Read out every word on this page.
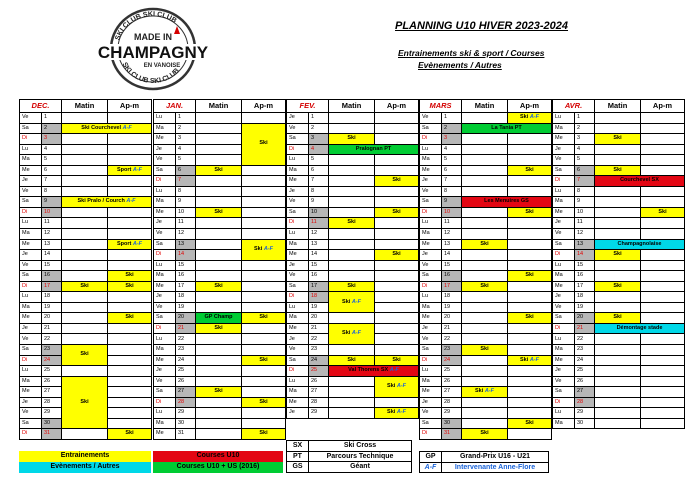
SKI CLUB SKI CLUB
SKI CLUB SKI CLUB
MADE IN
CHAMPAGNY
EN VANOISE
PLANNING U10 HIVER 2023-2024
Entrainements ski & sport / Courses
Evènements / Autres
DEC.		Matin	Ap-m
Ve	1		
Sa	2	Ski Courchevel A-F	
Di	3		
Lu	4		
Ma	5		
Me	6		Sport A-F
Je	7		
Ve	8		
Sa	9	Ski Pralo / Courch A-F	
Di	10		
Lu	11		
Ma	12		
Me	13		Sport A-F
Je	14		
Ve	15		
Sa	16		Ski
Di	17	Ski	Ski
Lu	18		
Ma	19		
Me	20		Ski
Je	21		
Ve	22		
Sa	23	Ski	
Di	24		
Lu	25		
Ma	26	Ski	
Me	27		
Je	28		
Ve	29		
Sa	30		
Di	31		Ski
JAN.		Matin	Ap-m
Lu	1		
Ma	2		Ski
Me	3		
Je	4		
Ve	5		
Sa	6	Ski	
Di	7		
Lu	8		
Ma	9		
Me	10	Ski	
Je	11		
Ve	12		
Sa	13		Ski A-F
Di	14		
Lu	15		
Ma	16		
Me	17	Ski	
Je	18		
Ve	19		
Sa	20	GP Champ	Ski
Di	21	Ski	
Lu	22		
Ma	23		
Me	24		Ski
Je	25		
Ve	26		
Sa	27	Ski	
Di	28		Ski
Lu	29		
Ma	30		
Me	31		Ski
FEV.		Matin	Ap-m
Je	1		
Ve	2		
Sa	3	Ski	
Di	4	Pralognan PT	
Lu	5		
Ma	6		
Me	7		Ski
Je	8		
Ve	9		
Sa	10		Ski
Di	11	Ski	
Lu	12		
Ma	13		
Me	14		Ski
Je	15		
Ve	16		
Sa	17	Ski	
Di	18	Ski A-F	
Lu	19		
Ma	20		
Me	21	Ski A-F	
Je	22		
Ve	23		
Sa	24	Ski	Ski
Di	25	Val Thorens SX A-F	
Lu	26		Ski A-F
Ma	27		
Me	28		
Je	29		Ski A-F
MARS		Matin	Ap-m
Ve	1		Ski A-F
Sa	2	La Tania PT	
Di	3		
Lu	4		
Ma	5		
Me	6		Ski
Je	7		
Ve	8		
Sa	9	Les Menuires GS	
Di	10		Ski
Lu	11		
Ma	12		
Me	13	Ski	
Je	14		
Ve	15		
Sa	16		Ski
Di	17	Ski	
Lu	18		
Ma	19		
Me	20		Ski
Je	21		
Ve	22		
Sa	23	Ski	
Di	24		Ski A-F
Lu	25		
Ma	26		
Me	27	Ski A-F	
Je	28		
Ve	29		
Sa	30		Ski
Di	31	Ski	
AVR.		Matin	Ap-m
Lu	1		
Ma	2		
Me	3	Ski	
Je	4		
Ve	5		
Sa	6	Ski	
Di	7	Courchevel SX	
Lu	8		
Ma	9		
Me	10		Ski
Je	11		
Ve	12		
Sa	13	Champagnolaise	
Di	14	Ski	
Lu	15		
Ma	16		
Me	17	Ski	
Je	18		
Ve	19		
Sa	20	Ski	
Di	21	Démontage stade	
Lu	22		
Ma	23		
Me	24		
Je	25		
Ve	26		
Sa	27		
Di	28		
Lu	29		
Ma	30		
Entrainements
Evènements / Autres
Courses U10
Courses U10 + US (2016)
SX	Ski Cross
PT	Parcours Technique
GS	Géant
GP	Grand-Prix U16 - U21
A-F	Intervenante Anne-Flore
